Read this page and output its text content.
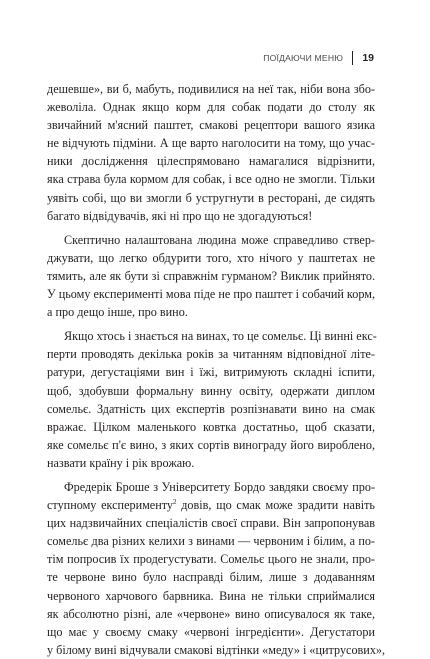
ПОЇДАЮЧИ МЕНЮ 19
дешевше», ви б, мабуть, подивилися на неї так, ніби вона збо-
жеволіла. Однак якщо корм для собак подати до столу як
звичайний м'ясний паштет, смакові рецептори вашого язика
не відчують підміни. А ще варто наголосити на тому, що учас-
ники дослідження цілеспрямовано намагалися відрізнити,
яка страва була кормом для собак, і все одно не змогли. Тільки
уявіть собі, що ви змогли б устругнути в ресторані, де сидять
багато відвідувачів, які ні про що не здогадуються!
Скептично налаштована людина може справедливо ствер-
джувати, що легко обдурити того, хто нічого у паштетах не
тямить, але як бути зі справжнім гурманом? Виклик прийнято.
У цьому експерименті мова піде не про паштет і собачий корм,
а про дещо інше, про вино.
Якщо хтось і знається на винах, то це сомельє. Ці винні екс-
перти проводять декілька років за читанням відповідної літе-
ратури, дегустаціями вин і їжі, витримують складні іспити,
щоб, здобувши формальну винну освіту, одержати диплом
сомельє. Здатність цих експертів розпізнавати вино на смак
вражає. Цілком маленького ковтка достатньо, щоб сказати,
яке сомельє п'є вино, з яких сортів винограду його вироблено,
назвати країну і рік врожаю.
Фредерік Броше з Університету Бордо завдяки своєму про-
ступному експерименту$^2$ довів, що смак може зрадити навіть
цих надзвичайних спеціалістів своєї справи. Він запропонував
сомельє два різних келихи з винами — червоним і білим, а по-
тім попросив їх продегустувати. Сомельє цього не знали, про-
те червоне вино було насправді білим, лише з додаванням
червоного харчового барвника. Вина не тільки сприймалися
як абсолютно різні, але «червоне» вино описувалося як таке,
що має у своєму смаку «червоні інгредієнти». Дегустатори
у білому вині відчували смакові відтінки «меду» і «цитрусових»,
